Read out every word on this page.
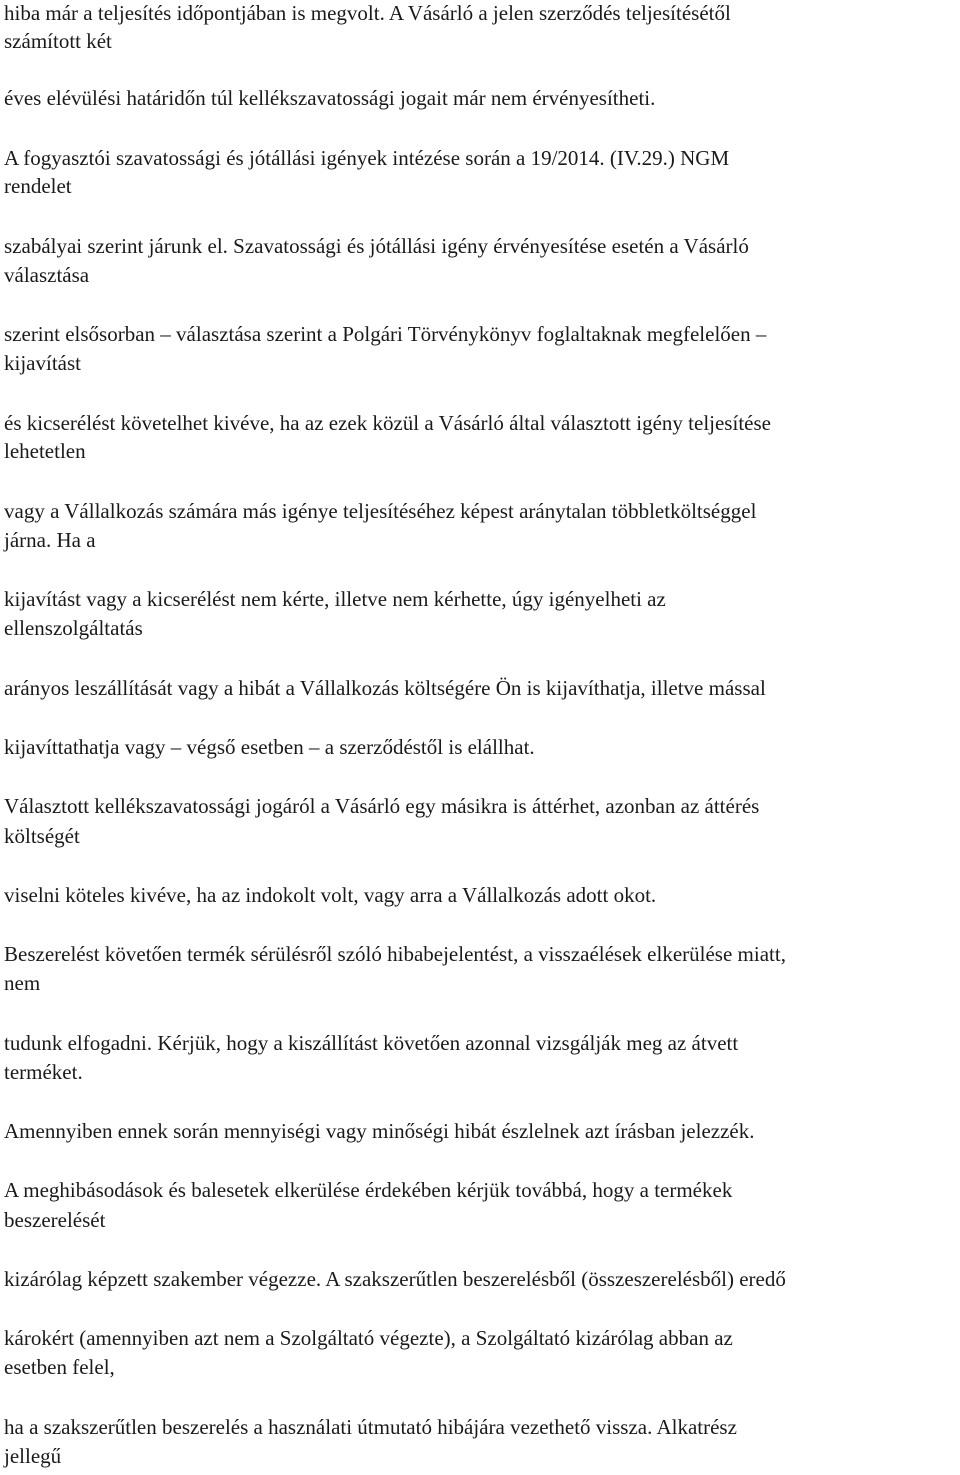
hiba már a teljesítés időpontjában is megvolt. A Vásárló a jelen szerződés teljesítésétől
számított két
éves elévülési határidőn túl kellékszavatossági jogait már nem érvényesítheti.
A fogyasztói szavatossági és jótállási igények intézése során a 19/2014. (IV.29.) NGM
rendelet
szabályai szerint járunk el. Szavatossági és jótállási igény érvényesítése esetén a Vásárló
választása
szerint elsősorban – választása szerint a Polgári Törvénykönyv foglaltaknak megfelelően –
kijavítást
és kicserélést követelhet kivéve, ha az ezek közül a Vásárló által választott igény teljesítése
lehetetlen
vagy a Vállalkozás számára más igénye teljesítéséhez képest aránytalan többletköltséggel
járna. Ha a
kijavítást vagy a kicserélést nem kérte, illetve nem kérhette, úgy igényelheti az
ellenszolgáltatás
arányos leszállítását vagy a hibát a Vállalkozás költségére Ön is kijavíthatja, illetve mással
kijavíttathatja vagy – végső esetben – a szerződéstől is elállhat.
Választott kellékszavatossági jogáról a Vásárló egy másikra is áttérhet, azonban az áttérés
költségét
viselni köteles kivéve, ha az indokolt volt, vagy arra a Vállalkozás adott okot.
Beszerelést követően termék sérülésről szóló hibabejelentést, a visszaélések elkerülése miatt,
nem
tudunk elfogadni. Kérjük, hogy a kiszállítást követően azonnal vizsgálják meg az átvett
terméket.
Amennyiben ennek során mennyiségi vagy minőségi hibát észlelnek azt írásban jelezzék.
A meghibásodások és balesetek elkerülése érdekében kérjük továbbá, hogy a termékek
beszerelését
kizárólag képzett szakember végezze. A szakszerűtlen beszerelésből (összeszerelésből) eredő
károkért (amennyiben azt nem a Szolgáltató végezte), a Szolgáltató kizárólag abban az
esetben felel,
ha a szakszerűtlen beszerelés a használati útmutató hibájára vezethető vissza. Alkatrész
jellegű
